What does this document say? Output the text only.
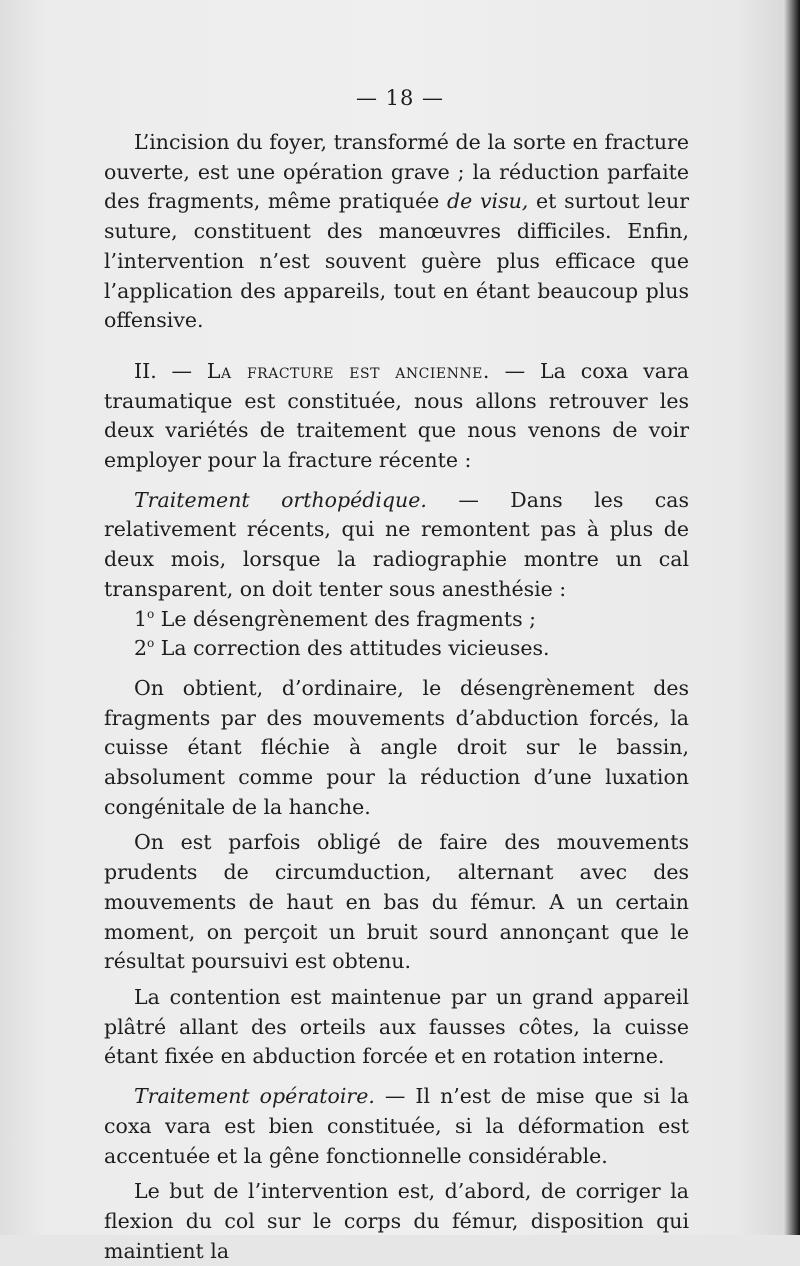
— 18 —

L’incision du foyer, transformé de la sorte en fracture ouverte, est une opération grave ; la réduction parfaite des fragments, même pratiquée de visu, et surtout leur suture, constituent des manœuvres difficiles. Enfin, l’intervention n’est souvent guère plus efficace que l’application des appareils, tout en étant beaucoup plus offensive.

II. — La fracture est ancienne. — La coxa vara traumatique est constituée, nous allons retrouver les deux variétés de traitement que nous venons de voir employer pour la fracture récente :

Traitement orthopédique. — Dans les cas relativement récents, qui ne remontent pas à plus de deux mois, lorsque la radiographie montre un cal transparent, on doit tenter sous anesthésie :

1$^o$ Le désengrènement des fragments ;

2$^o$ La correction des attitudes vicieuses.

On obtient, d’ordinaire, le désengrènement des fragments par des mouvements d’abduction forcés, la cuisse étant fléchie à angle droit sur le bassin, absolument comme pour la réduction d’une luxation congénitale de la hanche.

On est parfois obligé de faire des mouvements prudents de circumduction, alternant avec des mouvements de haut en bas du fémur. A un certain moment, on perçoit un bruit sourd annonçant que le résultat poursuivi est obtenu.

La contention est maintenue par un grand appareil plâtré allant des orteils aux fausses côtes, la cuisse étant fixée en abduction forcée et en rotation interne.

Traitement opératoire. — Il n’est de mise que si la coxa vara est bien constituée, si la déformation est accentuée et la gêne fonctionnelle considérable.

Le but de l’intervention est, d’abord, de corriger la flexion du col sur le corps du fémur, disposition qui maintient la
